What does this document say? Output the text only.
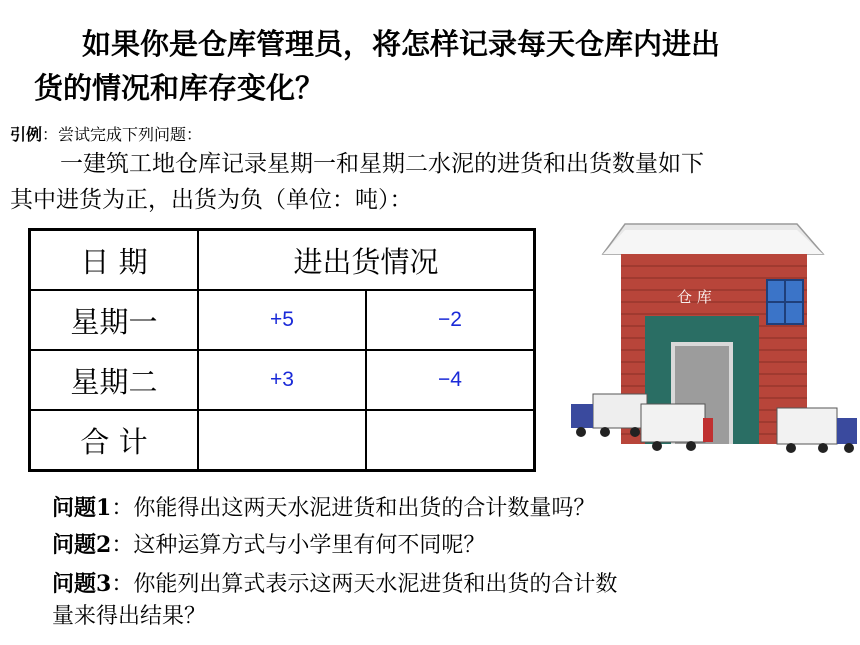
如果你是仓库管理员，将怎样记录每天仓库内进出
货的情况和库存变化？
引例：尝试完成下列问题：
一建筑工地仓库记录星期一和星期二水泥的进货和出货数量如下
其中进货为正，出货为负（单位：吨）：
日 期	进出货情况	
星期一	+5	−2
星期二	+3	−4
合 计		
仓 库
问题1：你能得出这两天水泥进货和出货的合计数量吗？
问题2：这种运算方式与小学里有何不同呢？
问题3：你能列出算式表示这两天水泥进货和出货的合计数
量来得出结果？
